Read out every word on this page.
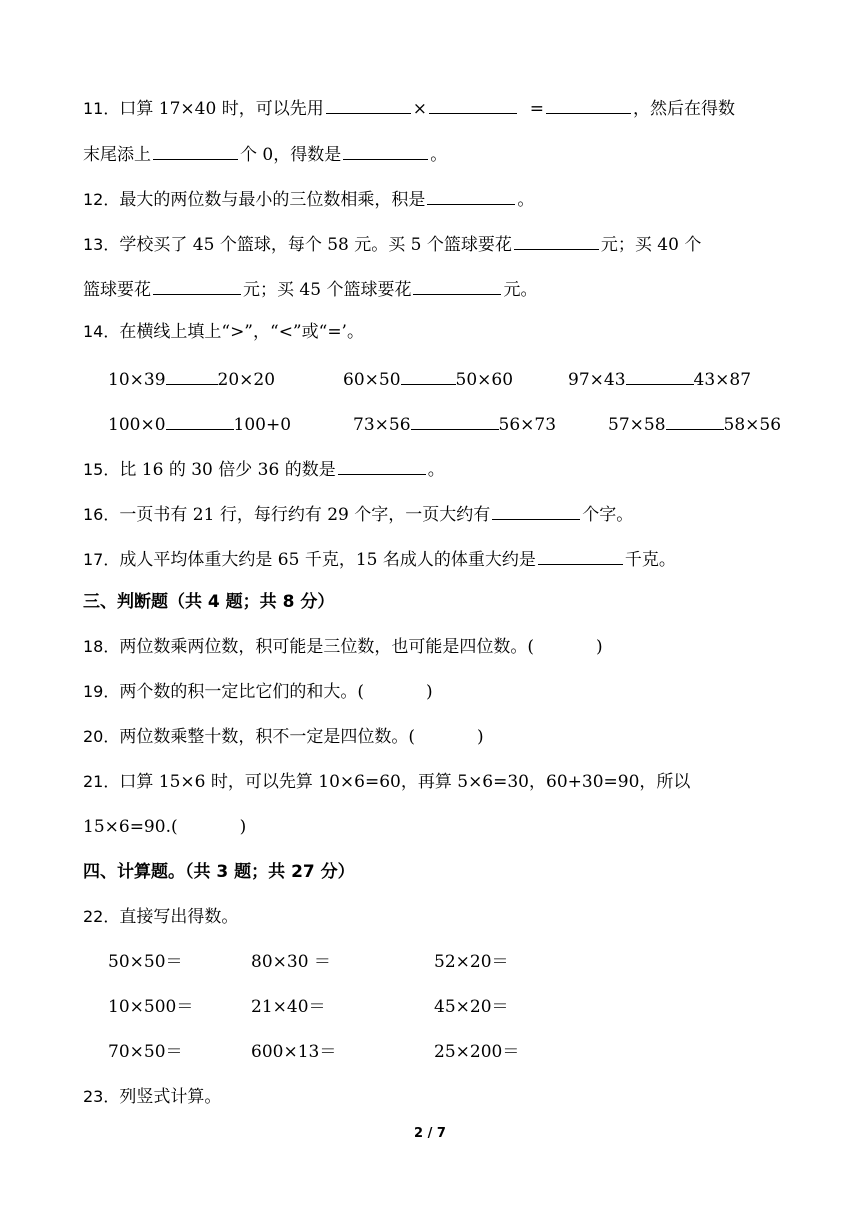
11．口算 17×40 时，可以先用	×	=	，然后在得数
末尾添上	个 0，得数是	。
12．最大的两位数与最小的三位数相乘，积是	。
13．学校买了 45 个篮球，每个 58 元。买 5 个篮球要花	元；买 40 个
篮球要花	元；买 45 个篮球要花	元。
14．在横线上填上“>”，“<”或“=’。
10×39	20×20	60×50	50×60	97×43	43×87
100×0	100+0	73×56	56×73	57×58	58×56
15．比 16 的 30 倍少 36 的数是	。
16．一页书有 21 行，每行约有 29 个字，一页大约有	个字。
17．成人平均体重大约是 65 千克，15 名成人的体重大约是	千克。
三、判断题（共 4 题；共 8 分）
18．两位数乘两位数，积可能是三位数，也可能是四位数。(	)
19．两个数的积一定比它们的和大。(	)
20．两位数乘整十数，积不一定是四位数。(	)
21．口算 15×6 时，可以先算 10×6=60，再算 5×6=30，60+30=90，所以
15×6=90.(	)
四、计算题。（共 3 题；共 27 分）
22．直接写出得数。
50×50＝	80×30 ＝	52×20＝
10×500＝	21×40＝	45×20＝
70×50＝	600×13＝	25×200＝
23．列竖式计算。
2 / 7
